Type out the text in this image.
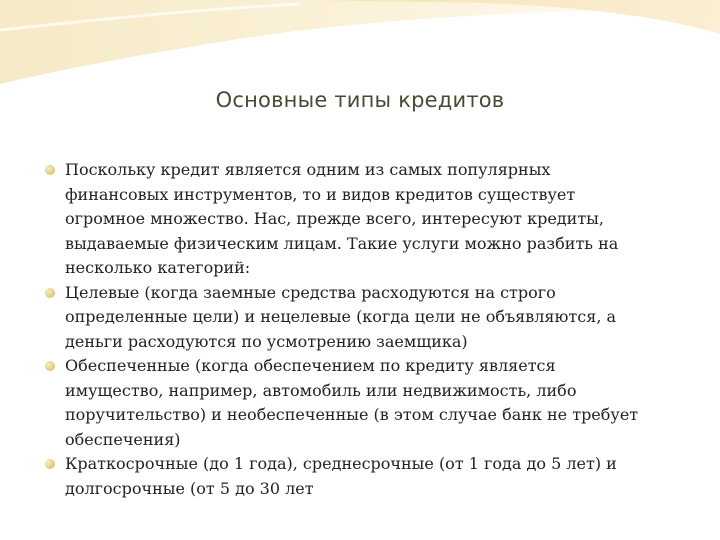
Основные типы кредитов
Поскольку кредит является одним из самых популярных
финансовых инструментов, то и видов кредитов существует
огромное множество. Нас, прежде всего, интересуют кредиты,
выдаваемые физическим лицам. Такие услуги можно разбить на
несколько категорий:
Целевые (когда заемные средства расходуются на строго
определенные цели) и нецелевые (когда цели не объявляются, а
деньги расходуются по усмотрению заемщика)
Обеспеченные (когда обеспечением по кредиту является
имущество, например, автомобиль или недвижимость, либо
поручительство) и необеспеченные (в этом случае банк не требует
обеспечения)
Краткосрочные (до 1 года), среднесрочные (от 1 года до 5 лет) и
долгосрочные (от 5 до 30 лет
